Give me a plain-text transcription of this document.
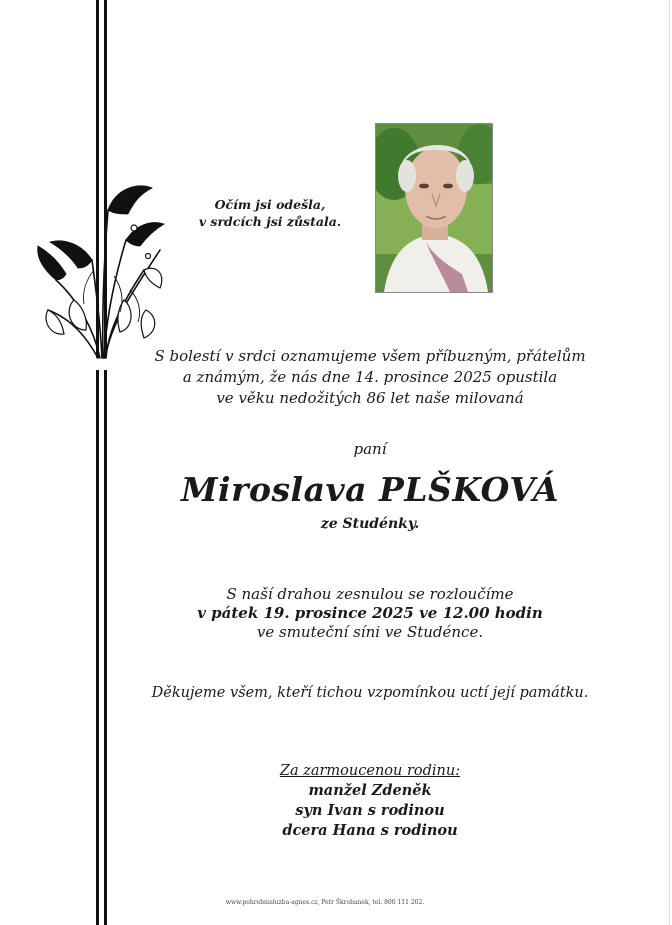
Očím jsi odešla,
v srdcích jsi zůstala.
S bolestí v srdci oznamujeme všem příbuzným, přátelům
a známým, že nás dne 14. prosince 2025 opustila
ve věku nedožitých 86 let naše milovaná
paní
Miroslava PLŠKOVÁ
ze Studénky.
S naší drahou zesnulou se rozloučíme
v pátek 19. prosince 2025 ve 12.00 hodin
ve smuteční síni ve Studénce.
Děkujeme všem, kteří tichou vzpomínkou uctí její památku.
Za zarmoucenou rodinu:
manžel Zdeněk
syn Ivan s rodinou
dcera Hana s rodinou
www.pohrebnisluzba-agnes.cz, Petr Škrobanek, tel. 800 111 202.
